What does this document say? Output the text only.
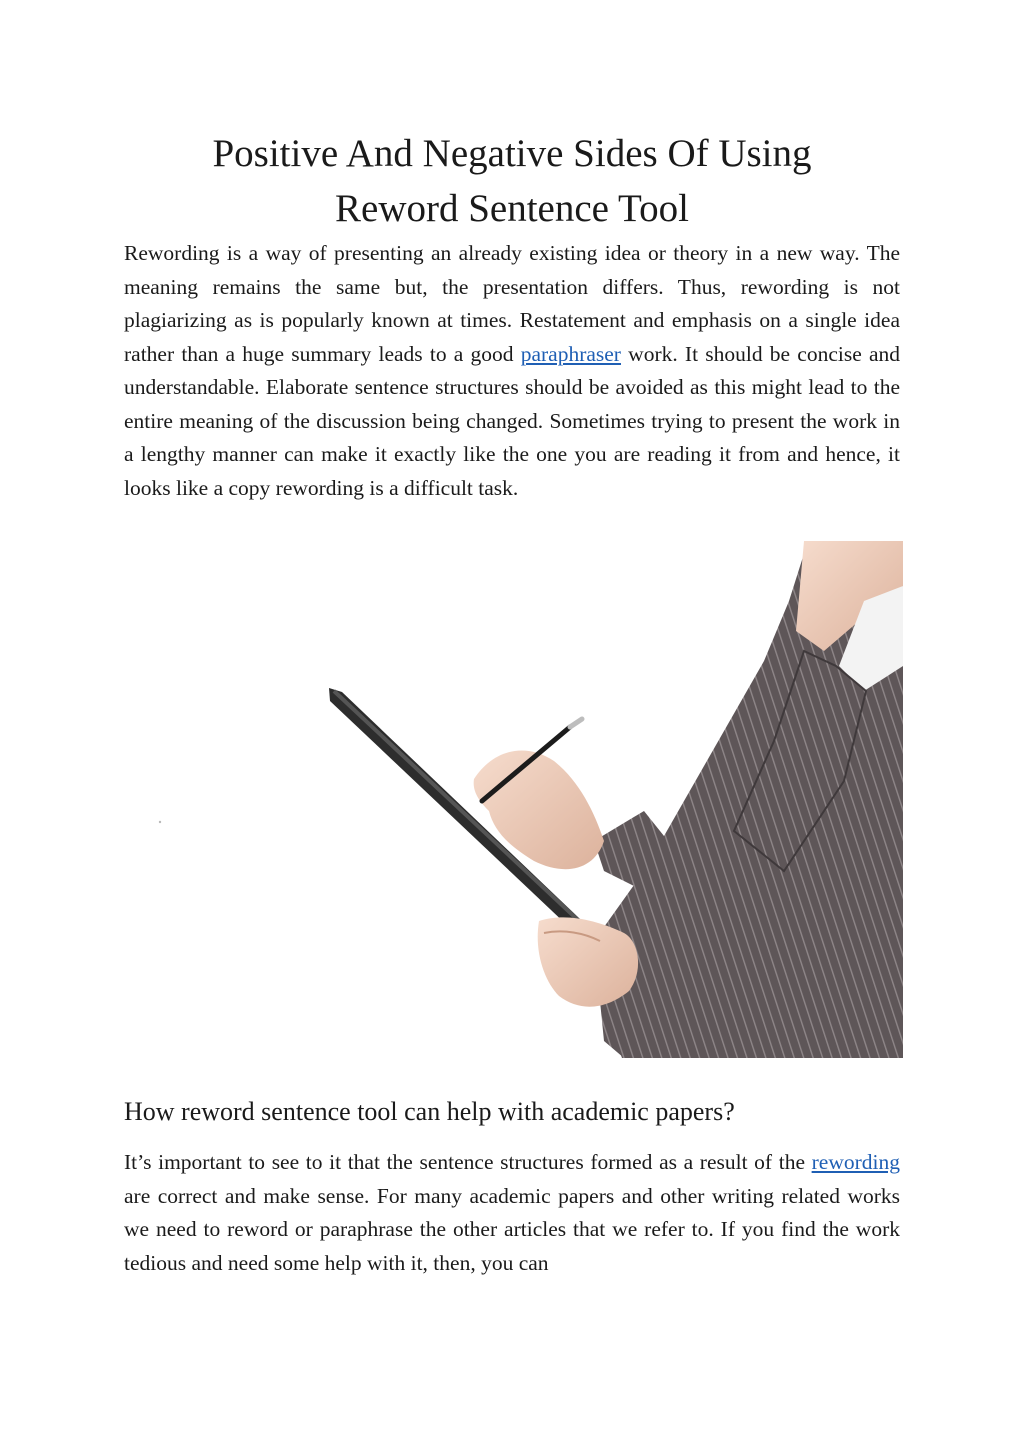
Positive And Negative Sides Of Using
Reword Sentence Tool

Rewording is a way of presenting an already existing idea or theory in a new way. The meaning remains the same but, the presentation differs. Thus, rewording is not plagiarizing as is popularly known at times. Restatement and emphasis on a single idea rather than a huge summary leads to a good paraphraser work. It should be concise and understandable. Elaborate sentence structures should be avoided as this might lead to the entire meaning of the discussion being changed. Sometimes trying to present the work in a lengthy manner can make it exactly like the one you are reading it from and hence, it looks like a copy rewording is a difficult task.

How reword sentence tool can help with academic papers?

It’s important to see to it that the sentence structures formed as a result of the rewording are correct and make sense. For many academic papers and other writing related works we need to reword or paraphrase the other articles that we refer to. If you find the work tedious and need some help with it, then, you can
